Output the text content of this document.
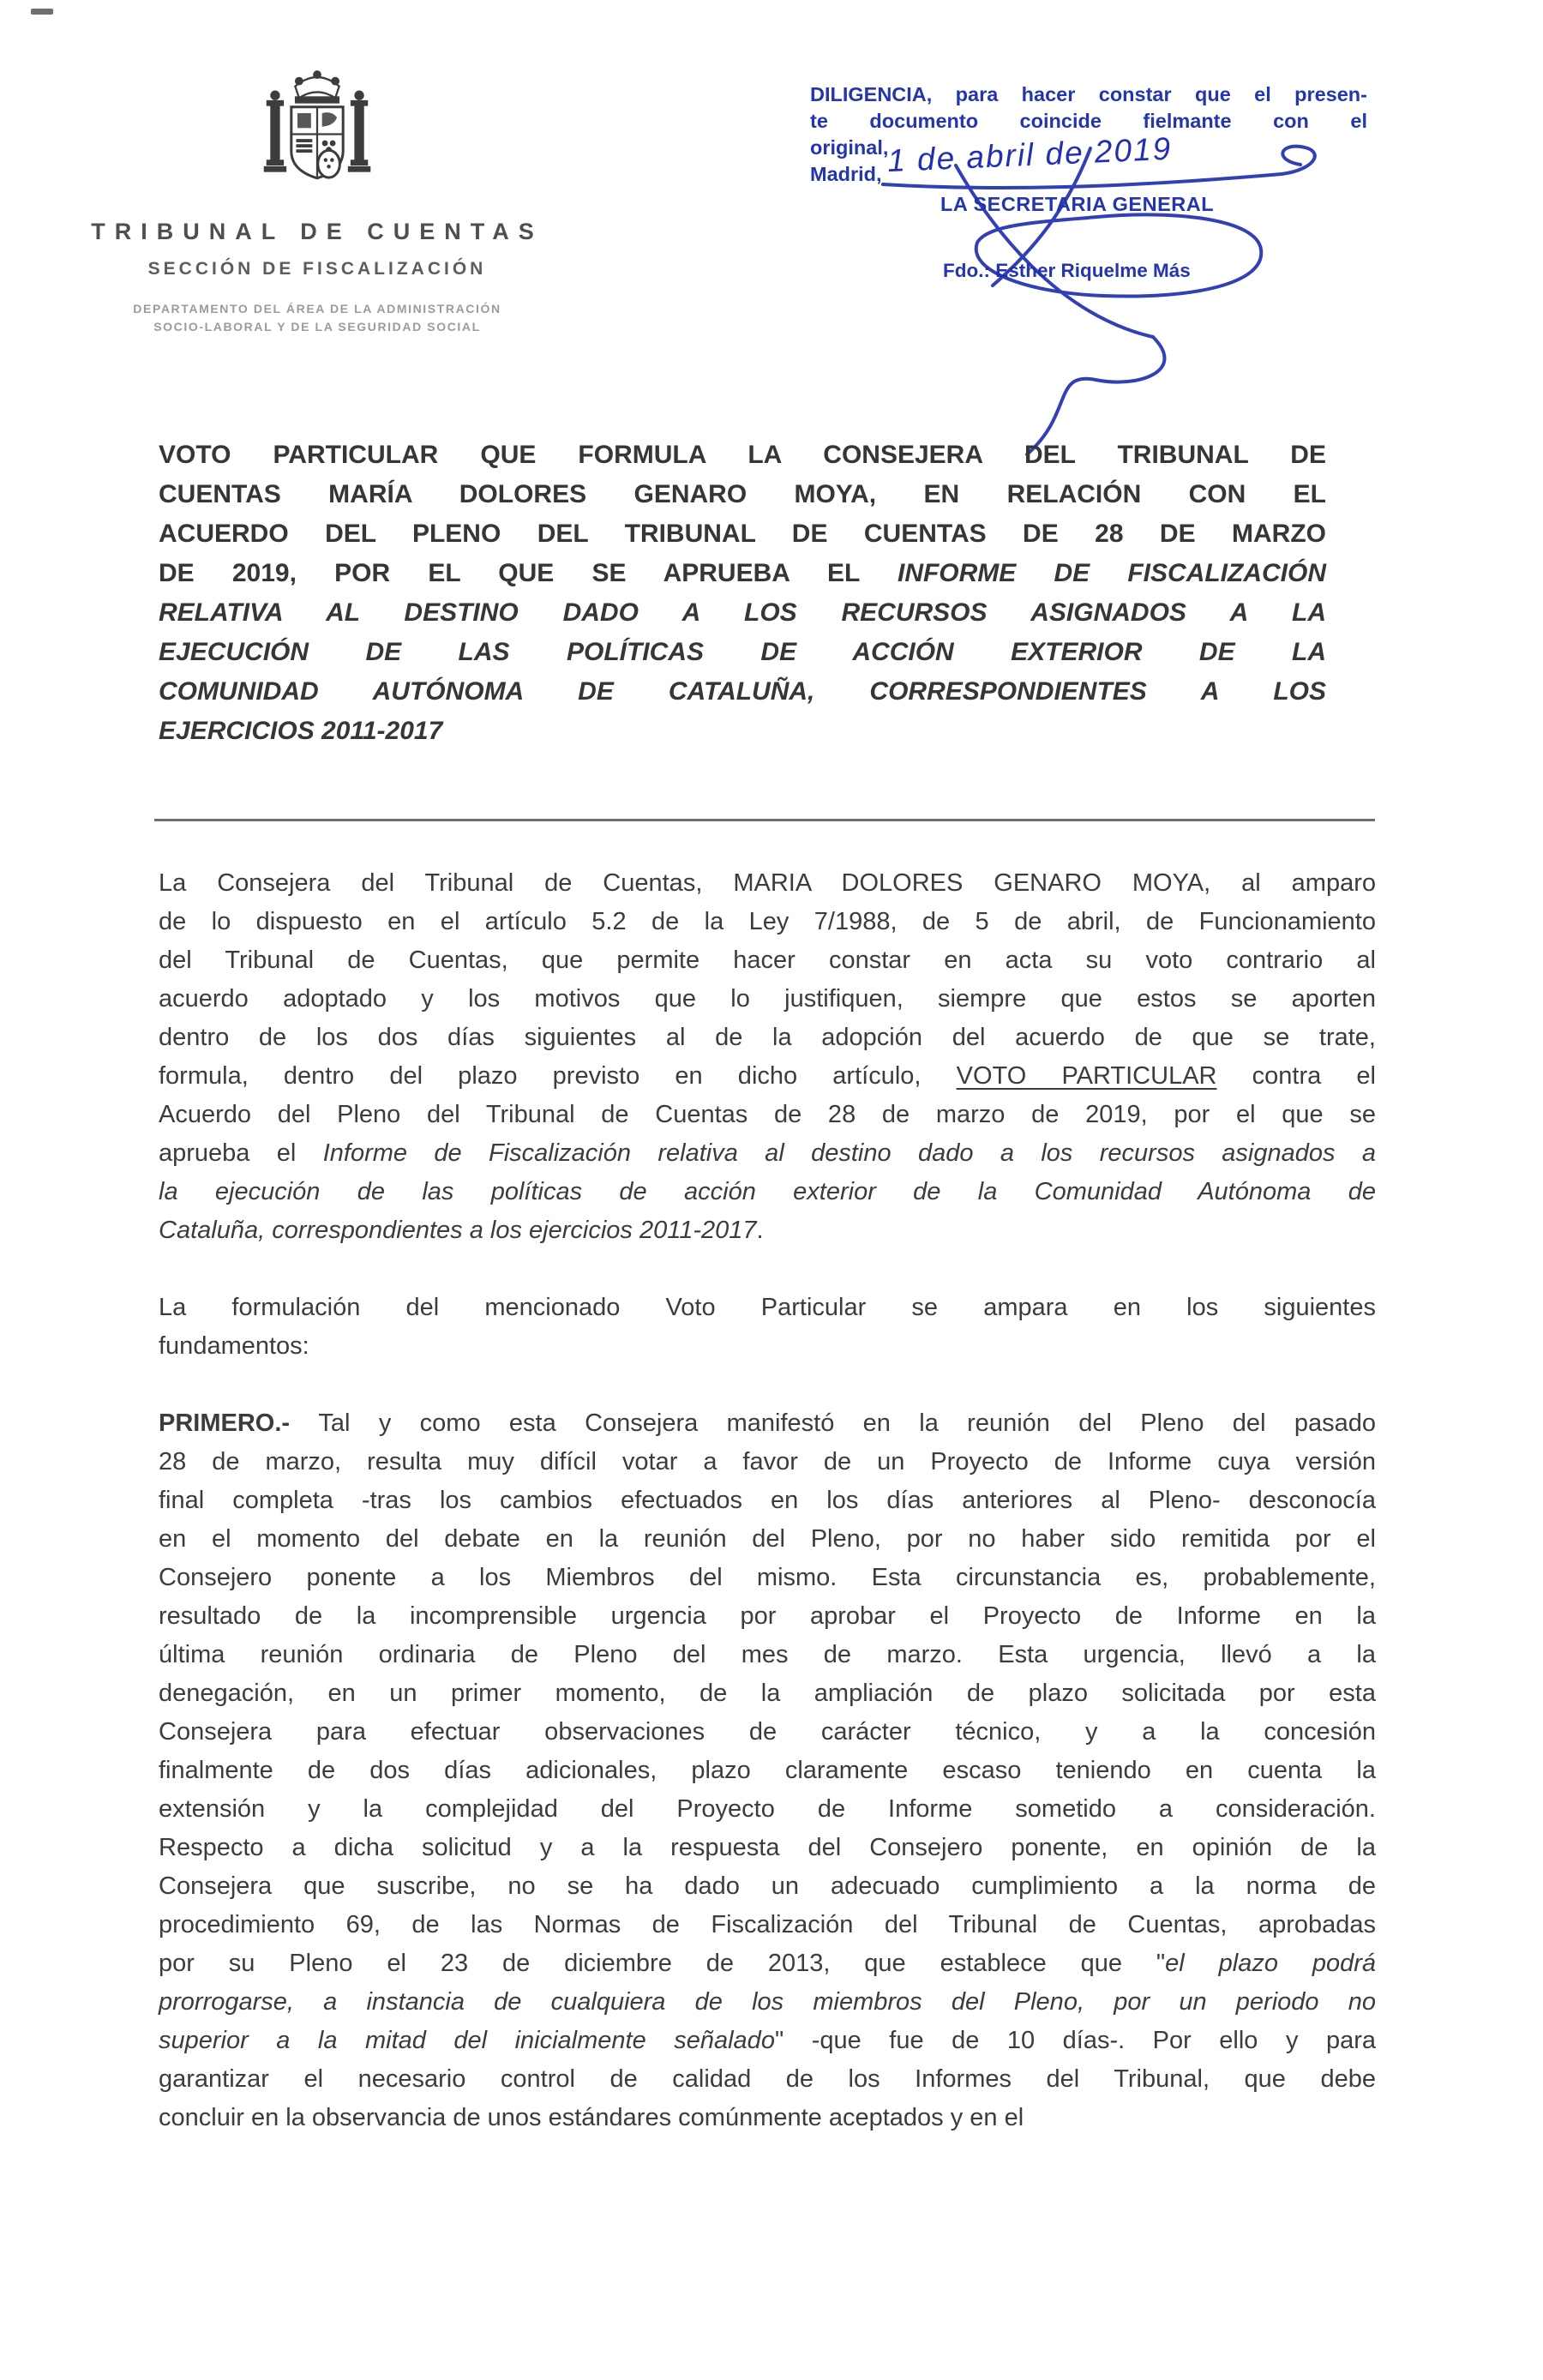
TRIBUNAL DE CUENTAS
SECCIÓN DE FISCALIZACIÓN
DEPARTAMENTO DEL ÁREA DE LA ADMINISTRACIÓN
SOCIO-LABORAL Y DE LA SEGURIDAD SOCIAL
DILIGENCIA, para hacer constar que el presen-
te documento coincide fielmante con el
original,
Madrid,
LA SECRETARIA GENERAL
Fdo.: Esther Riquelme Más
1 de abril de 2019
VOTO PARTICULAR QUE FORMULA LA CONSEJERA DEL TRIBUNAL DE
CUENTAS MARÍA DOLORES GENARO MOYA, EN RELACIÓN CON EL
ACUERDO DEL PLENO DEL TRIBUNAL DE CUENTAS DE 28 DE MARZO
DE 2019, POR EL QUE SE APRUEBA EL INFORME DE FISCALIZACIÓN
RELATIVA AL DESTINO DADO A LOS RECURSOS ASIGNADOS A LA
EJECUCIÓN DE LAS POLÍTICAS DE ACCIÓN EXTERIOR DE LA
COMUNIDAD AUTÓNOMA DE CATALUÑA, CORRESPONDIENTES A LOS
EJERCICIOS 2011-2017
La Consejera del Tribunal de Cuentas, MARIA DOLORES GENARO MOYA, al amparo
de lo dispuesto en el artículo 5.2 de la Ley 7/1988, de 5 de abril, de Funcionamiento
del Tribunal de Cuentas, que permite hacer constar en acta su voto contrario al
acuerdo adoptado y los motivos que lo justifiquen, siempre que estos se aporten
dentro de los dos días siguientes al de la adopción del acuerdo de que se trate,
formula, dentro del plazo previsto en dicho artículo, VOTO PARTICULAR contra el
Acuerdo del Pleno del Tribunal de Cuentas de 28 de marzo de 2019, por el que se
aprueba el Informe de Fiscalización relativa al destino dado a los recursos asignados a
la ejecución de las políticas de acción exterior de la Comunidad Autónoma de
Cataluña, correspondientes a los ejercicios 2011-2017.
La formulación del mencionado Voto Particular se ampara en los siguientes
fundamentos:
PRIMERO.- Tal y como esta Consejera manifestó en la reunión del Pleno del pasado
28 de marzo, resulta muy difícil votar a favor de un Proyecto de Informe cuya versión
final completa -tras los cambios efectuados en los días anteriores al Pleno- desconocía
en el momento del debate en la reunión del Pleno, por no haber sido remitida por el
Consejero ponente a los Miembros del mismo. Esta circunstancia es, probablemente,
resultado de la incomprensible urgencia por aprobar el Proyecto de Informe en la
última reunión ordinaria de Pleno del mes de marzo. Esta urgencia, llevó a la
denegación, en un primer momento, de la ampliación de plazo solicitada por esta
Consejera para efectuar observaciones de carácter técnico, y a la concesión
finalmente de dos días adicionales, plazo claramente escaso teniendo en cuenta la
extensión y la complejidad del Proyecto de Informe sometido a consideración.
Respecto a dicha solicitud y a la respuesta del Consejero ponente, en opinión de la
Consejera que suscribe, no se ha dado un adecuado cumplimiento a la norma de
procedimiento 69, de las Normas de Fiscalización del Tribunal de Cuentas, aprobadas
por su Pleno el 23 de diciembre de 2013, que establece que "el plazo podrá
prorrogarse, a instancia de cualquiera de los miembros del Pleno, por un periodo no
superior a la mitad del inicialmente señalado" -que fue de 10 días-. Por ello y para
garantizar el necesario control de calidad de los Informes del Tribunal, que debe
concluir en la observancia de unos estándares comúnmente aceptados y en el
